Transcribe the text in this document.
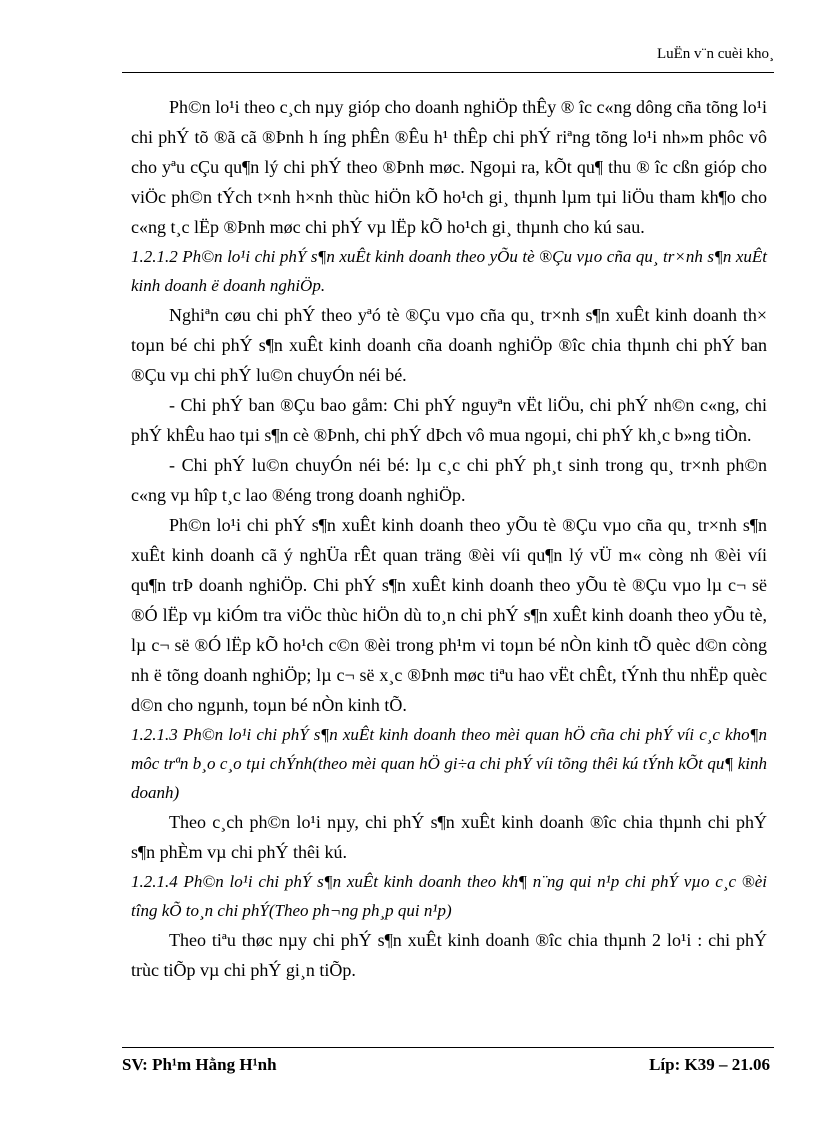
LuËn v¨n cuèi kho¸

Ph©n lo¹i theo c¸ch nµy gióp cho doanh nghiÖp thÊy ® îc c«ng dông cña tõng lo¹i chi phÝ tõ ®ã cã ®Þnh h íng phÊn ®Êu h¹ thÊp chi phÝ riªng tõng lo¹i nh»m phôc vô cho yªu cÇu qu¶n lý chi phÝ theo ®Þnh møc. Ngoµi ra, kÕt qu¶ thu ® îc cßn gióp cho viÖc ph©n tÝch t×nh h×nh thùc hiÖn kÕ ho¹ch gi¸ thµnh lµm tµi liÖu tham kh¶o cho c«ng t¸c lËp ®Þnh møc chi phÝ vµ lËp kÕ ho¹ch gi¸ thµnh cho kú sau.

1.2.1.2 Ph©n lo¹i chi phÝ s¶n xuÊt kinh doanh theo yÕu tè ®Çu vµo cña qu¸ tr×nh s¶n xuÊt kinh doanh ë doanh nghiÖp.

Nghiªn cøu chi phÝ theo yªó tè ®Çu vµo cña qu¸ tr×nh s¶n xuÊt kinh doanh th× toµn bé chi phÝ s¶n xuÊt kinh doanh cña doanh nghiÖp ®îc chia thµnh chi phÝ ban ®Çu vµ chi phÝ lu©n chuyÓn néi bé.

- Chi phÝ ban ®Çu bao gåm: Chi phÝ nguyªn vËt liÖu, chi phÝ nh©n c«ng, chi phÝ khÊu hao tµi s¶n cè ®Þnh, chi phÝ dÞch vô mua ngoµi, chi phÝ kh¸c b»ng tiÒn.

- Chi phÝ lu©n chuyÓn néi bé: lµ c¸c chi phÝ ph¸t sinh trong qu¸ tr×nh ph©n c«ng vµ hîp t¸c lao ®éng trong doanh nghiÖp.

Ph©n lo¹i chi phÝ s¶n xuÊt kinh doanh theo yÕu tè ®Çu vµo cña qu¸ tr×nh s¶n xuÊt kinh doanh cã ý nghÜa rÊt quan träng ®èi víi qu¶n lý vÜ m« còng nh ®èi víi qu¶n trÞ doanh nghiÖp. Chi phÝ s¶n xuÊt kinh doanh theo yÕu tè ®Çu vµo lµ c¬ së ®Ó lËp vµ kiÓm tra viÖc thùc hiÖn dù to¸n chi phÝ s¶n xuÊt kinh doanh theo yÕu tè, lµ c¬ së ®Ó lËp kÕ ho¹ch c©n ®èi trong ph¹m vi toµn bé nÒn kinh tÕ quèc d©n còng nh ë tõng doanh nghiÖp; lµ c¬ së x¸c ®Þnh møc tiªu hao vËt chÊt, tÝnh thu nhËp quèc d©n cho ngµnh, toµn bé nÒn kinh tÕ.

1.2.1.3 Ph©n lo¹i chi phÝ s¶n xuÊt kinh doanh theo mèi quan hÖ cña chi phÝ víi c¸c kho¶n môc trªn b¸o c¸o tµi chÝnh(theo mèi quan hÖ gi÷a chi phÝ víi tõng thêi kú tÝnh kÕt qu¶ kinh doanh)

Theo c¸ch ph©n lo¹i nµy, chi phÝ s¶n xuÊt kinh doanh ®îc chia thµnh chi phÝ s¶n phÈm vµ chi phÝ thêi kú.

1.2.1.4 Ph©n lo¹i chi phÝ s¶n xuÊt kinh doanh theo kh¶ n¨ng qui n¹p chi phÝ vµo c¸c ®èi tîng kÕ to¸n chi phÝ(Theo ph¬ng ph¸p qui n¹p)

Theo tiªu thøc nµy chi phÝ s¶n xuÊt kinh doanh ®îc chia thµnh 2 lo¹i : chi phÝ trùc tiÕp vµ chi phÝ gi¸n tiÕp.

SV: Ph¹m Hằng H¹nh	Líp: K39 – 21.06
